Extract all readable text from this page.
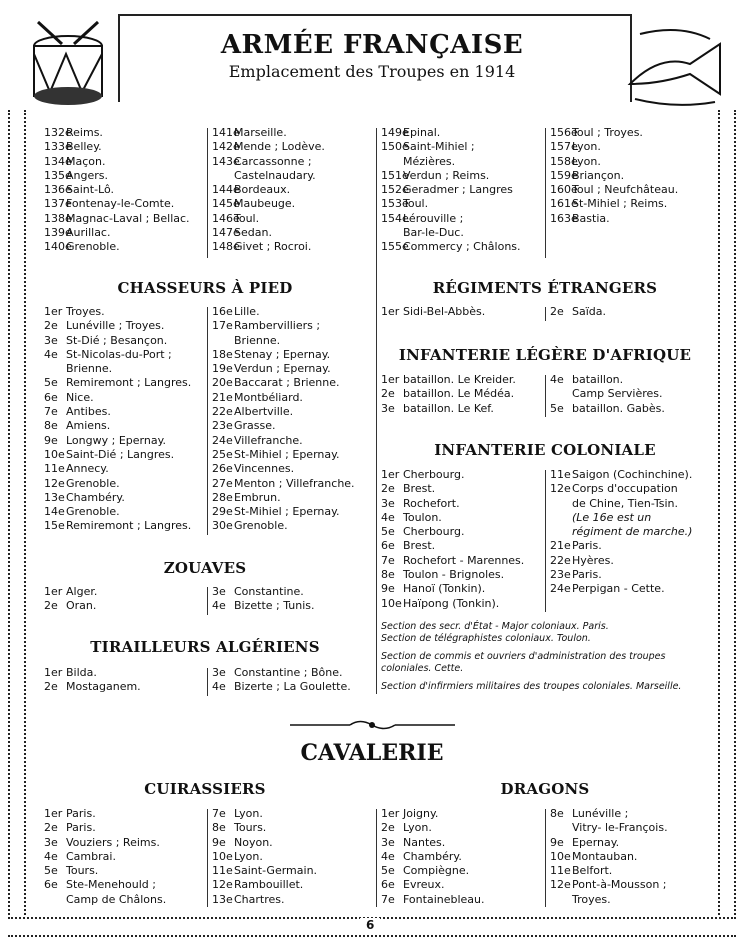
ARMÉE FRANÇAISE
Emplacement des Troupes en 1914
132eReims.
133eBelley.
134eMaçon.
135eAngers.
136eSaint-Lô.
137eFontenay-le-Comte.
138eMagnac-Laval ; Bellac.
139eAurillac.
140eGrenoble.
141eMarseille.
142eMende ; Lodève.
143eCarcassonne ;
Castelnaudary.
144eBordeaux.
145eMaubeuge.
146eToul.
147eSedan.
148eGivet ; Rocroi.
149eEpinal.
150eSaint-Mihiel ;
Mézières.
151eVerdun ; Reims.
152eGeradmer ; Langres
153eToul.
154eLérouville ;
Bar-le-Duc.
155eCommercy ; Châlons.
156eToul ; Troyes.
157eLyon.
158eLyon.
159eBriançon.
160eToul ; Neufchâteau.
161eSt-Mihiel ; Reims.
163eBastia.
CHASSEURS À PIED
1er Troyes.
2e Lunéville ; Troyes.
3e St-Dié ; Besançon.
4e St-Nicolas-du-Port ;
Brienne.
5e Remiremont ; Langres.
6e Nice.
7e Antibes.
8e Amiens.
9e Longwy ; Epernay.
10eSaint-Dié ; Langres.
11eAnnecy.
12eGrenoble.
13eChambéry.
14eGrenoble.
15eRemiremont ; Langres.
16eLille.
17eRambervilliers ;
Brienne.
18eStenay ; Epernay.
19eVerdun ; Epernay.
20eBaccarat ; Brienne.
21eMontbéliard.
22eAlbertville.
23eGrasse.
24eVillefranche.
25eSt-Mihiel ; Epernay.
26eVincennes.
27eMenton ; Villefranche.
28eEmbrun.
29eSt-Mihiel ; Epernay.
30eGrenoble.
ZOUAVES
1er Alger.
2e Oran.
3e Constantine.
4e Bizette ; Tunis.
TIRAILLEURS ALGÉRIENS
1er Bilda.
2e Mostaganem.
3e Constantine ; Bône.
4e Bizerte ; La Goulette.
RÉGIMENTS ÉTRANGERS
1er Sidi-Bel-Abbès.	2e Saïda.
INFANTERIE LÉGÈRE D'AFRIQUE
1er bataillon. Le Kreider.
2e bataillon. Le Médéa.
3e bataillon. Le Kef.
4e bataillon.
Camp Servières.
5e bataillon. Gabès.
INFANTERIE COLONIALE
1er Cherbourg.
2e Brest.
3e Rochefort.
4e Toulon.
5e Cherbourg.
6e Brest.
7e Rochefort - Marennes.
8e Toulon - Brignoles.
9e Hanoï (Tonkin).
10eHaïpong (Tonkin).
11eSaigon (Cochinchine).
12eCorps d'occupation
de Chine, Tien-Tsin.
(Le 16e est un
régiment de marche.)
21eParis.
22eHyères.
23eParis.
24ePerpigan - Cette.
Section des secr. d'État - Major coloniaux. Paris.
Section de télégraphistes coloniaux. Toulon.
Section de commis et ouvriers d'administration des troupes
coloniales. Cette.
Section d'infirmiers militaires des troupes coloniales. Marseille.
CAVALERIE
CUIRASSIERS
1er Paris.
2e Paris.
3e Vouziers ; Reims.
4e Cambrai.
5e Tours.
6e Ste-Menehould ;
Camp de Châlons.
7e Lyon.
8e Tours.
9e Noyon.
10eLyon.
11eSaint-Germain.
12eRambouillet.
13eChartres.
DRAGONS
1er Joigny.
2e Lyon.
3e Nantes.
4e Chambéry.
5e Compiègne.
6e Evreux.
7e Fontainebleau.
8e Lunéville ;
Vitry- le-François.
9e Epernay.
10eMontauban.
11eBelfort.
12ePont-à-Mousson ;
Troyes.
6
